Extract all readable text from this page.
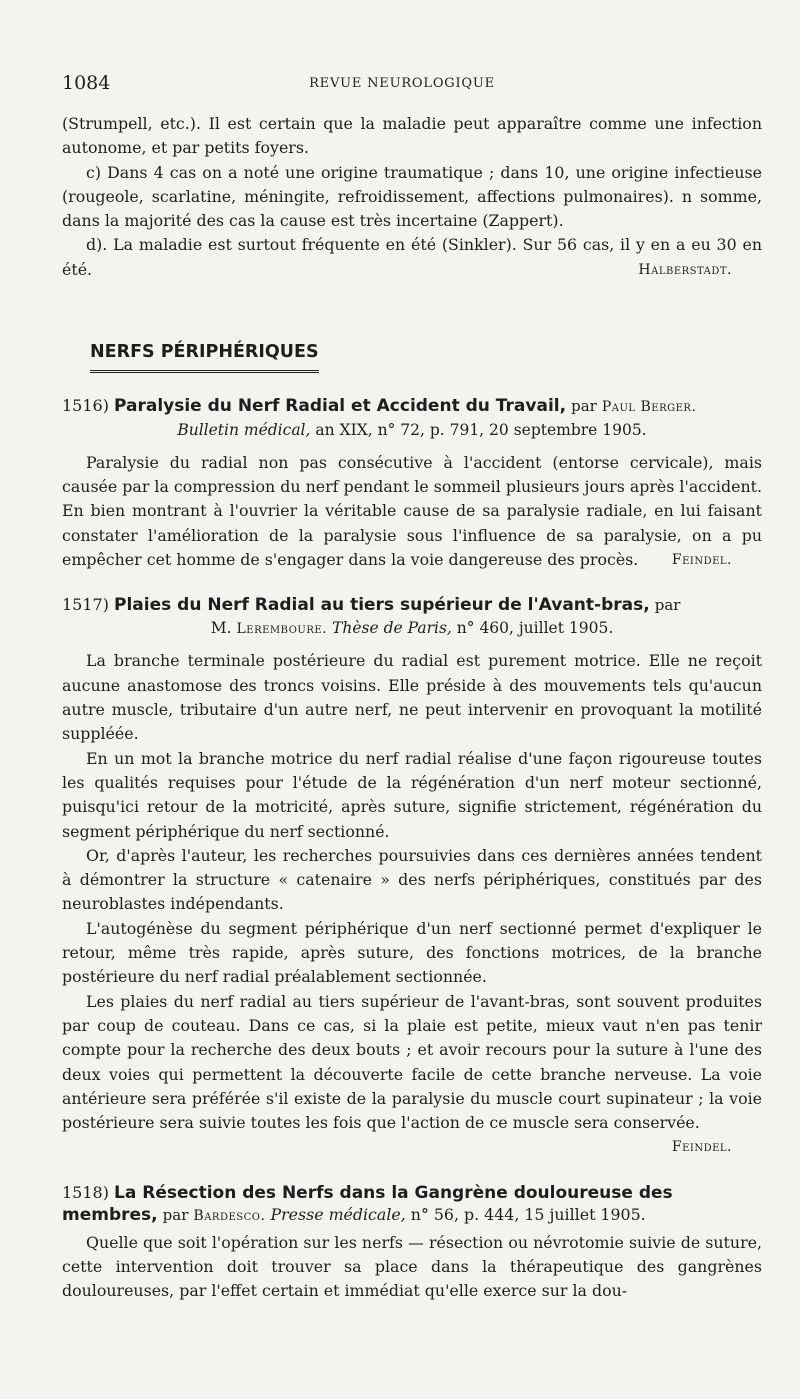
1084	REVUE NEUROLOGIQUE

(Strumpell, etc.). Il est certain que la maladie peut apparaître comme une infection autonome, et par petits foyers.

c) Dans 4 cas on a noté une origine traumatique ; dans 10, une origine infectieuse (rougeole, scarlatine, méningite, refroidissement, affections pulmonaires). n somme, dans la majorité des cas la cause est très incertaine (Zappert).

d). La maladie est surtout fréquente en été (Sinkler). Sur 56 cas, il y en a eu 30 en été.	Halberstadt.

NERFS PÉRIPHÉRIQUES
1516) Paralysie du Nerf Radial et Accident du Travail, par Paul Berger.
Bulletin médical, an XIX, n° 72, p. 791, 20 septembre 1905.

Paralysie du radial non pas consécutive à l'accident (entorse cervicale), mais causée par la compression du nerf pendant le sommeil plusieurs jours après l'accident. En bien montrant à l'ouvrier la véritable cause de sa paralysie radiale, en lui faisant constater l'amélioration de la paralysie sous l'influence de sa paralysie, on a pu empêcher cet homme de s'engager dans la voie dangereuse des procès.	Feindel.

1517) Plaies du Nerf Radial au tiers supérieur de l'Avant-bras, par
M. Lerembourе. Thèse de Paris, n° 460, juillet 1905.

La branche terminale postérieure du radial est purement motrice. Elle ne reçoit aucune anastomose des troncs voisins. Elle préside à des mouvements tels qu'aucun autre muscle, tributaire d'un autre nerf, ne peut intervenir en provoquant la motilité suppléée.

En un mot la branche motrice du nerf radial réalise d'une façon rigoureuse toutes les qualités requises pour l'étude de la régénération d'un nerf moteur sectionné, puisqu'ici retour de la motricité, après suture, signifie strictement, régénération du segment périphérique du nerf sectionné.

Or, d'après l'auteur, les recherches poursuivies dans ces dernières années tendent à démontrer la structure « catenaire » des nerfs périphériques, constitués par des neuroblastes indépendants.

L'autogénèse du segment périphérique d'un nerf sectionné permet d'expliquer le retour, même très rapide, après suture, des fonctions motrices, de la branche postérieure du nerf radial préalablement sectionnée.

Les plaies du nerf radial au tiers supérieur de l'avant-bras, sont souvent produites par coup de couteau. Dans ce cas, si la plaie est petite, mieux vaut n'en pas tenir compte pour la recherche des deux bouts ; et avoir recours pour la suture à l'une des deux voies qui permettent la découverte facile de cette branche nerveuse. La voie antérieure sera préférée s'il existe de la paralysie du muscle court supinateur ; la voie postérieure sera suivie toutes les fois que l'action de ce muscle sera conservée.
Feindel.

1518) La Résection des Nerfs dans la Gangrène douloureuse des membres, par Bardesco. Presse médicale, n° 56, p. 444, 15 juillet 1905.

Quelle que soit l'opération sur les nerfs — résection ou névrotomie suivie de suture, cette intervention doit trouver sa place dans la thérapeutique des gangrènes douloureuses, par l'effet certain et immédiat qu'elle exerce sur la dou-
